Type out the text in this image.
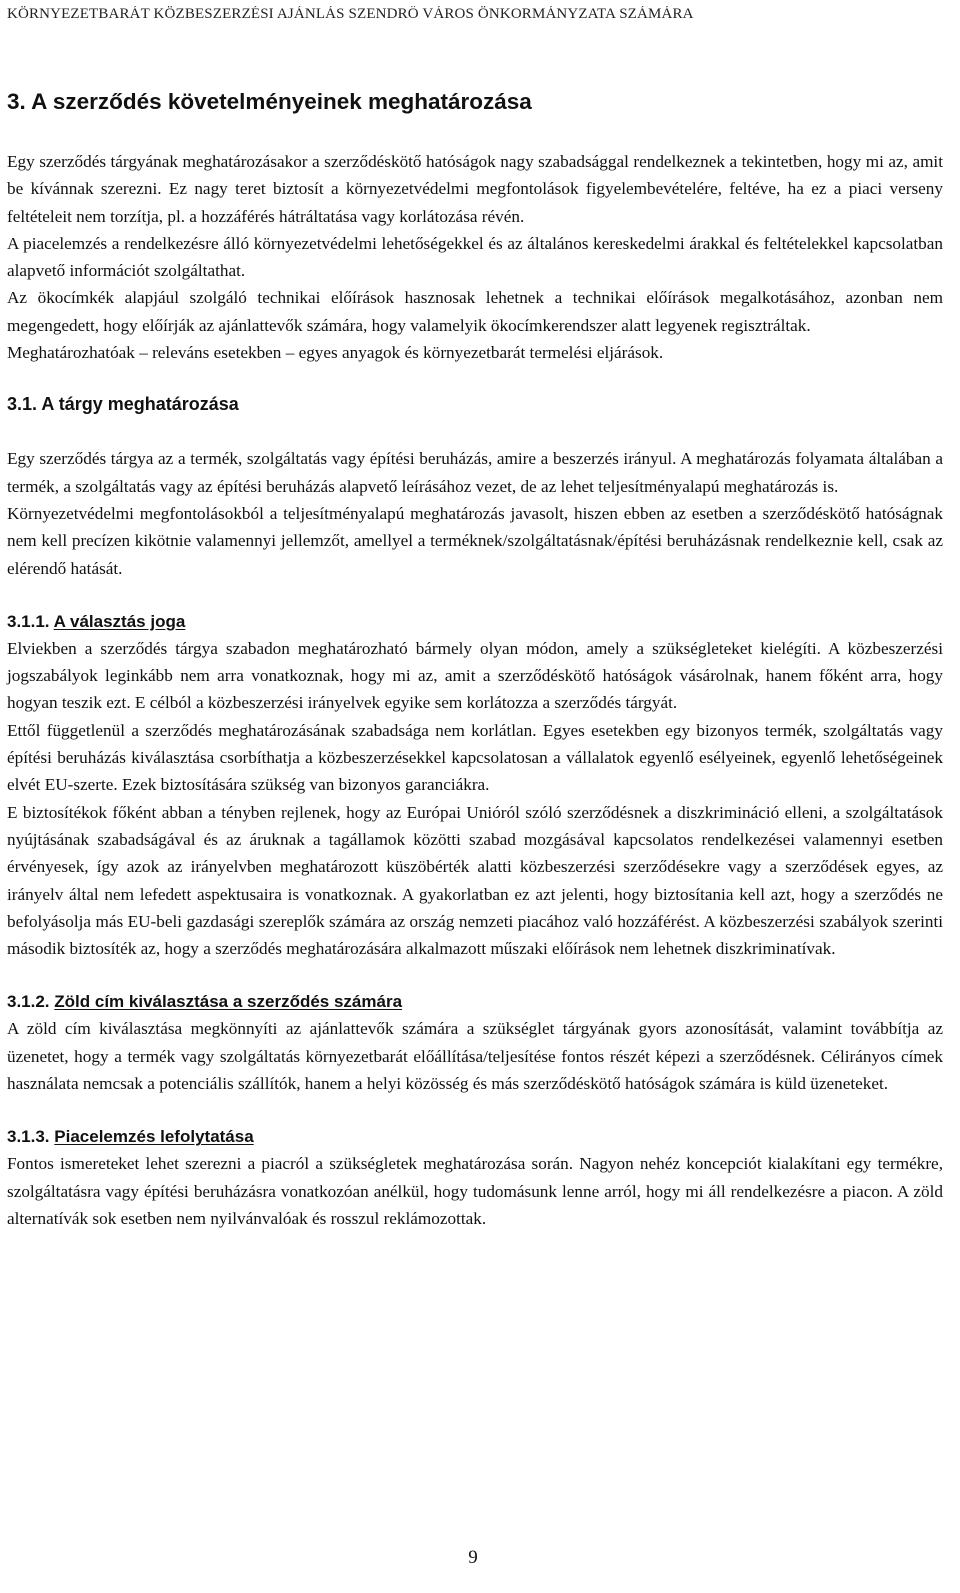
KÖRNYEZETBARÁT KÖZBESZERZÉSI AJÁNLÁS SZENDRŐ VÁROS ÖNKORMÁNYZATA SZÁMÁRA
3. A szerződés követelményeinek meghatározása

Egy szerződés tárgyának meghatározásakor a szerződéskötő hatóságok nagy szabadsággal rendelkeznek a tekintetben, hogy mi az, amit be kívánnak szerezni. Ez nagy teret biztosít a környezetvédelmi megfontolások figyelembevételére, feltéve, ha ez a piaci verseny feltételeit nem torzítja, pl. a hozzáférés hátráltatása vagy korlátozása révén.

A piacelemzés a rendelkezésre álló környezetvédelmi lehetőségekkel és az általános kereskedelmi árakkal és feltételekkel kapcsolatban alapvető információt szolgáltathat.

Az ökocímkék alapjául szolgáló technikai előírások hasznosak lehetnek a technikai előírások megalkotásához, azonban nem megengedett, hogy előírják az ajánlattevők számára, hogy valamelyik ökocímkerendszer alatt legyenek regisztráltak.

Meghatározhatóak – releváns esetekben – egyes anyagok és környezetbarát termelési eljárások.

3.1. A tárgy meghatározása

Egy szerződés tárgya az a termék, szolgáltatás vagy építési beruházás, amire a beszerzés irányul. A meghatározás folyamata általában a termék, a szolgáltatás vagy az építési beruházás alapvető leírásához vezet, de az lehet teljesítményalapú meghatározás is.

Környezetvédelmi megfontolásokból a teljesítményalapú meghatározás javasolt, hiszen ebben az esetben a szerződéskötő hatóságnak nem kell precízen kikötnie valamennyi jellemzőt, amellyel a terméknek/szolgáltatásnak/építési beruházásnak rendelkeznie kell, csak az elérendő hatását.

3.1.1. A választás joga

Elviekben a szerződés tárgya szabadon meghatározható bármely olyan módon, amely a szükségleteket kielégíti. A közbeszerzési jogszabályok leginkább nem arra vonatkoznak, hogy mi az, amit a szerződéskötő hatóságok vásárolnak, hanem főként arra, hogy hogyan teszik ezt. E célból a közbeszerzési irányelvek egyike sem korlátozza a szerződés tárgyát.

Ettől függetlenül a szerződés meghatározásának szabadsága nem korlátlan. Egyes esetekben egy bizonyos termék, szolgáltatás vagy építési beruházás kiválasztása csorbíthatja a közbeszerzésekkel kapcsolatosan a vállalatok egyenlő esélyeinek, egyenlő lehetőségeinek elvét EU-szerte. Ezek biztosítására szükség van bizonyos garanciákra.

E biztosítékok főként abban a tényben rejlenek, hogy az Európai Unióról szóló szerződésnek a diszkrimináció elleni, a szolgáltatások nyújtásának szabadságával és az áruknak a tagállamok közötti szabad mozgásával kapcsolatos rendelkezései valamennyi esetben érvényesek, így azok az irányelvben meghatározott küszöbérték alatti közbeszerzési szerződésekre vagy a szerződések egyes, az irányelv által nem lefedett aspektusaira is vonatkoznak. A gyakorlatban ez azt jelenti, hogy biztosítania kell azt, hogy a szerződés ne befolyásolja más EU-beli gazdasági szereplők számára az ország nemzeti piacához való hozzáférést. A közbeszerzési szabályok szerinti második biztosíték az, hogy a szerződés meghatározására alkalmazott műszaki előírások nem lehetnek diszkriminatívak.

3.1.2. Zöld cím kiválasztása a szerződés számára

A zöld cím kiválasztása megkönnyíti az ajánlattevők számára a szükséglet tárgyának gyors azonosítását, valamint továbbítja az üzenetet, hogy a termék vagy szolgáltatás környezetbarát előállítása/teljesítése fontos részét képezi a szerződésnek. Célirányos címek használata nemcsak a potenciális szállítók, hanem a helyi közösség és más szerződéskötő hatóságok számára is küld üzeneteket.

3.1.3. Piacelemzés lefolytatása

Fontos ismereteket lehet szerezni a piacról a szükségletek meghatározása során. Nagyon nehéz koncepciót kialakítani egy termékre, szolgáltatásra vagy építési beruházásra vonatkozóan anélkül, hogy tudomásunk lenne arról, hogy mi áll rendelkezésre a piacon. A zöld alternatívák sok esetben nem nyilvánvalóak és rosszul reklámozottak.

9
